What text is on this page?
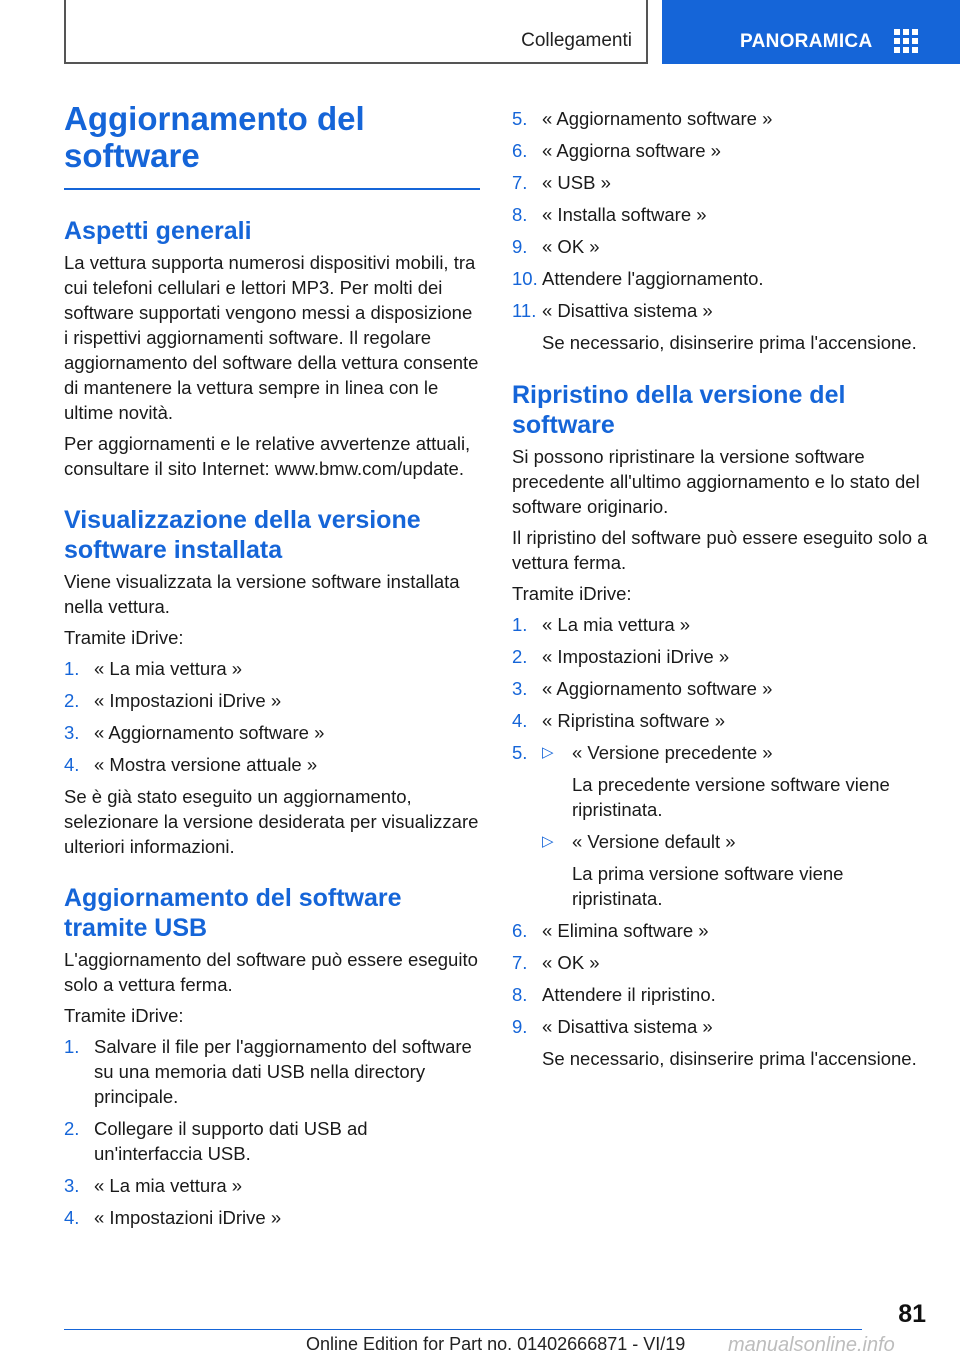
Collegamenti	PANORAMICA
Aggiornamento del software
Aspetti generali

La vettura supporta numerosi dispositivi mobili, tra cui telefoni cellulari e lettori MP3. Per molti dei software supportati vengono messi a disposizione i rispettivi aggiornamenti software. Il regolare aggiornamento del software della vettura consente di mantenere la vettura sempre in linea con le ultime novità.

Per aggiornamenti e le relative avvertenze attuali, consultare il sito Internet: www.bmw.com/update.

Visualizzazione della versione software installata

Viene visualizzata la versione software installata nella vettura.

Tramite iDrive:

1. « La mia vettura »
2. « Impostazioni iDrive »
3. « Aggiornamento software »
4. « Mostra versione attuale »

Se è già stato eseguito un aggiornamento, selezionare la versione desiderata per visualizzare ulteriori informazioni.

Aggiornamento del software tramite USB

L'aggiornamento del software può essere eseguito solo a vettura ferma.

Tramite iDrive:

1. Salvare il file per l'aggiornamento del software su una memoria dati USB nella directory principale.
2. Collegare il supporto dati USB ad un'interfaccia USB.
3. « La mia vettura »
4. « Impostazioni iDrive »
5. « Aggiornamento software »
6. « Aggiorna software »
7. « USB »
8. « Installa software »
9. « OK »
10. Attendere l'aggiornamento.
11. « Disattiva sistema »
Se necessario, disinserire prima l'accensione.
Ripristino della versione del software

Si possono ripristinare la versione software precedente all'ultimo aggiornamento e lo stato del software originario.

Il ripristino del software può essere eseguito solo a vettura ferma.

Tramite iDrive:

1. « La mia vettura »
2. « Impostazioni iDrive »
3. « Aggiornamento software »
4. « Ripristina software »
5. ▷ « Versione precedente »
La precedente versione software viene ripristinata.
▷ « Versione default »
La prima versione software viene ripristinata.
6. « Elimina software »
7. « OK »
8. Attendere il ripristino.
9. « Disattiva sistema »
Se necessario, disinserire prima l'accensione.
81
Online Edition for Part no. 01402666871 - VI/19 manualsonline.info
